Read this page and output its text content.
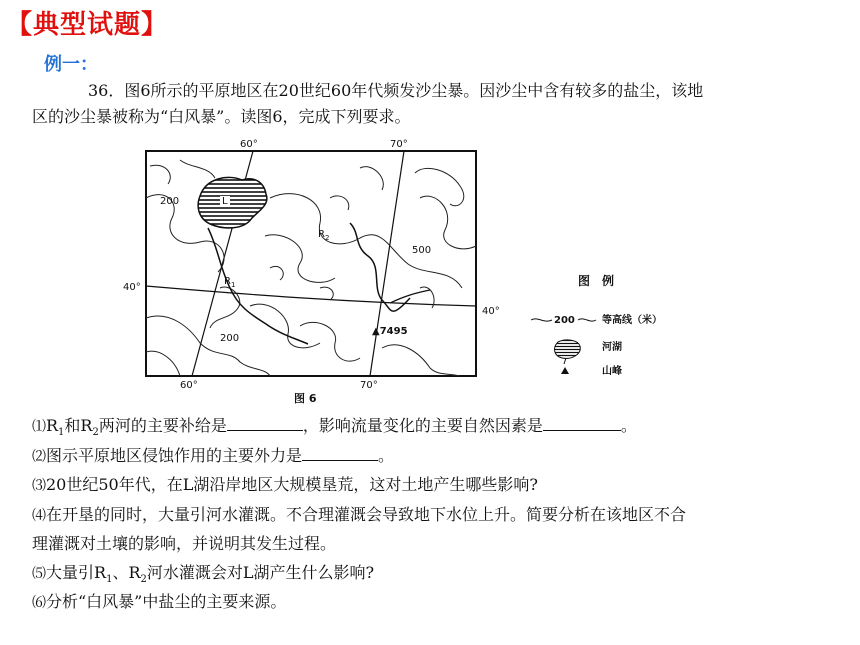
【典型试题】
例一：
36．图6所示的平原地区在20世纪60年代频发沙尘暴。因沙尘中含有较多的盐尘，该地
区的沙尘暴被称为“白风暴”。读图6，完成下列要求。
L
60°	70°
60°	70°
40°
40°
$R_1$
$R_2$
500
200
200
▲7495
图 6
图　例
200	等高线（米）
河湖
山峰
$⑴R_1$和$R_2$两河的主要补给是	，影响流量变化的主要自然因素是	。
⑵图示平原地区侵蚀作用的主要外力是	。
⑶20世纪50年代，在L湖沿岸地区大规模垦荒，这对土地产生哪些影响?
⑷在开垦的同时，大量引河水灌溉。不合理灌溉会导致地下水位上升。简要分析在该地区不合
理灌溉对土壤的影响，并说明其发生过程。
⑸大量引$R_1$、$R_2$河水灌溉会对L湖产生什么影响?
⑹分析“白风暴”中盐尘的主要来源。
